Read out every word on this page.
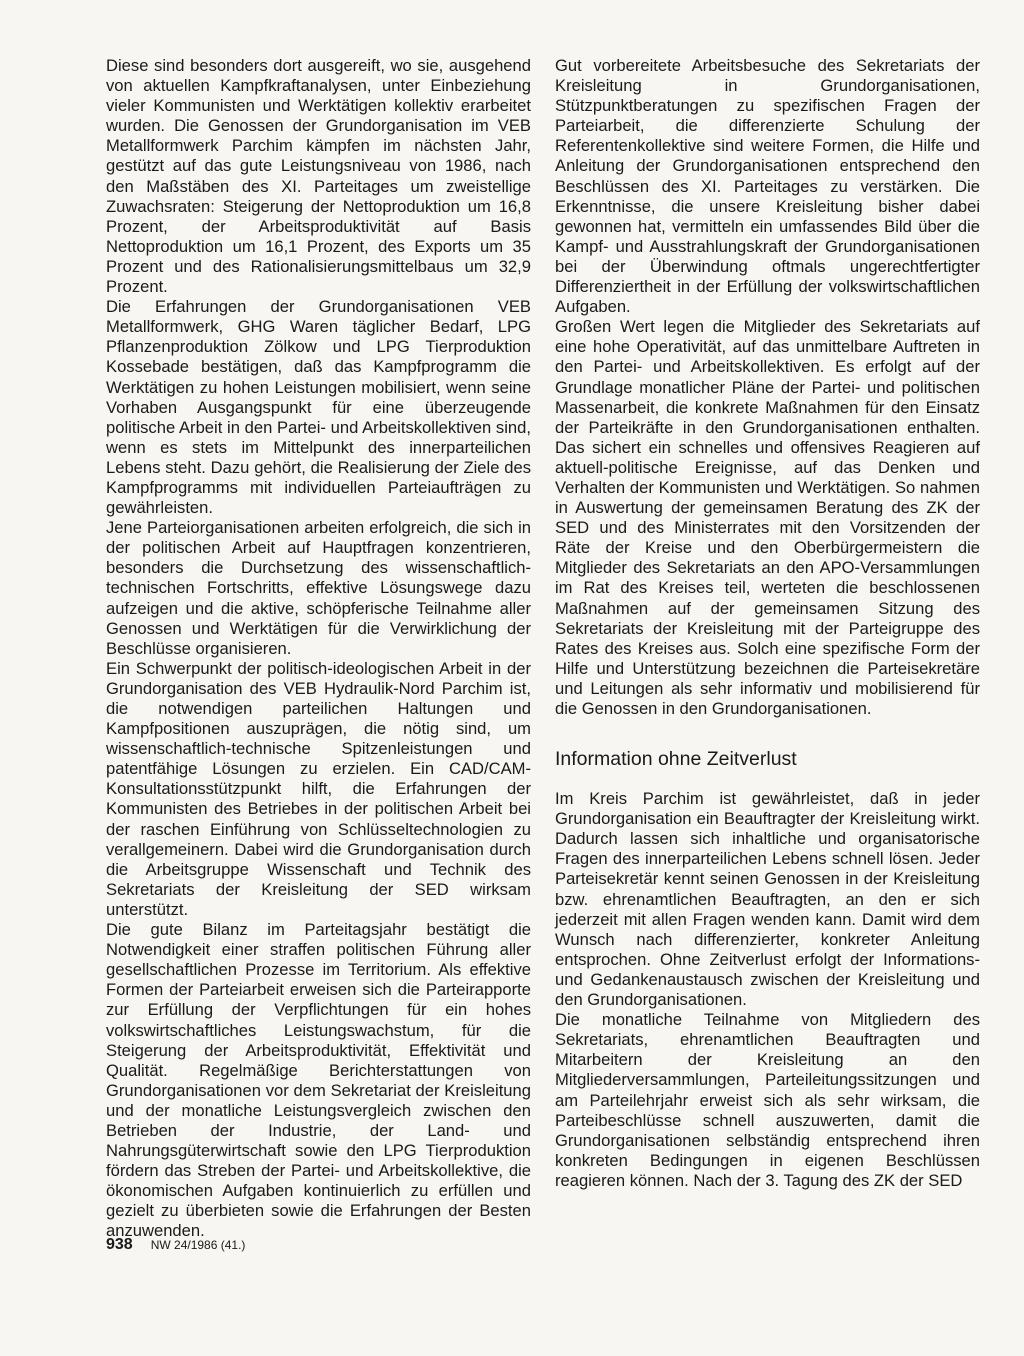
Diese sind besonders dort ausgereift, wo sie, ausgehend von aktuellen Kampfkraftanalysen, unter Einbeziehung vieler Kommunisten und Werktätigen kollektiv erarbeitet wurden. Die Genossen der Grundorganisation im VEB Metallformwerk Parchim kämpfen im nächsten Jahr, gestützt auf das gute Leistungsniveau von 1986, nach den Maßstäben des XI. Parteitages um zweistellige Zuwachsraten: Steigerung der Nettoproduktion um 16,8 Prozent, der Arbeitsproduktivität auf Basis Nettoproduktion um 16,1 Prozent, des Exports um 35 Prozent und des Rationalisierungsmittelbaus um 32,9 Prozent.

Die Erfahrungen der Grundorganisationen VEB Metallformwerk, GHG Waren täglicher Bedarf, LPG Pflanzenproduktion Zölkow und LPG Tierproduktion Kossebade bestätigen, daß das Kampfprogramm die Werktätigen zu hohen Leistungen mobilisiert, wenn seine Vorhaben Ausgangspunkt für eine überzeugende politische Arbeit in den Partei- und Arbeitskollektiven sind, wenn es stets im Mittelpunkt des innerparteilichen Lebens steht. Dazu gehört, die Realisierung der Ziele des Kampfprogramms mit individuellen Parteiaufträgen zu gewährleisten.

Jene Parteiorganisationen arbeiten erfolgreich, die sich in der politischen Arbeit auf Hauptfragen konzentrieren, besonders die Durchsetzung des wissenschaftlich-technischen Fortschritts, effektive Lösungswege dazu aufzeigen und die aktive, schöpferische Teilnahme aller Genossen und Werktätigen für die Verwirklichung der Beschlüsse organisieren.

Ein Schwerpunkt der politisch-ideologischen Arbeit in der Grundorganisation des VEB Hydraulik-Nord Parchim ist, die notwendigen parteilichen Haltungen und Kampfpositionen auszuprägen, die nötig sind, um wissenschaftlich-technische Spitzenleistungen und patentfähige Lösungen zu erzielen. Ein CAD/CAM-Konsultationsstützpunkt hilft, die Erfahrungen der Kommunisten des Betriebes in der politischen Arbeit bei der raschen Einführung von Schlüsseltechnologien zu verallgemeinern. Dabei wird die Grundorganisation durch die Arbeitsgruppe Wissenschaft und Technik des Sekretariats der Kreisleitung der SED wirksam unterstützt.

Die gute Bilanz im Parteitagsjahr bestätigt die Notwendigkeit einer straffen politischen Führung aller gesellschaftlichen Prozesse im Territorium. Als effektive Formen der Parteiarbeit erweisen sich die Parteirapporte zur Erfüllung der Verpflichtungen für ein hohes volkswirtschaftliches Leistungswachstum, für die Steigerung der Arbeitsproduktivität, Effektivität und Qualität. Regelmäßige Berichterstattungen von Grundorganisationen vor dem Sekretariat der Kreisleitung und der monatliche Leistungsvergleich zwischen den Betrieben der Industrie, der Land- und Nahrungsgüterwirtschaft sowie den LPG Tierproduktion fördern das Streben der Partei- und Arbeitskollektive, die ökonomischen Aufgaben kontinuierlich zu erfüllen und gezielt zu überbieten sowie die Erfahrungen der Besten anzuwenden.

Gut vorbereitete Arbeitsbesuche des Sekretariats der Kreisleitung in Grundorganisationen, Stützpunktberatungen zu spezifischen Fragen der Parteiarbeit, die differenzierte Schulung der Referentenkollektive sind weitere Formen, die Hilfe und Anleitung der Grundorganisationen entsprechend den Beschlüssen des XI. Parteitages zu verstärken. Die Erkenntnisse, die unsere Kreisleitung bisher dabei gewonnen hat, vermitteln ein umfassendes Bild über die Kampf- und Ausstrahlungskraft der Grundorganisationen bei der Überwindung oftmals ungerechtfertigter Differenziertheit in der Erfüllung der volkswirtschaftlichen Aufgaben.

Großen Wert legen die Mitglieder des Sekretariats auf eine hohe Operativität, auf das unmittelbare Auftreten in den Partei- und Arbeitskollektiven. Es erfolgt auf der Grundlage monatlicher Pläne der Partei- und politischen Massenarbeit, die konkrete Maßnahmen für den Einsatz der Parteikräfte in den Grundorganisationen enthalten. Das sichert ein schnelles und offensives Reagieren auf aktuell-politische Ereignisse, auf das Denken und Verhalten der Kommunisten und Werktätigen. So nahmen in Auswertung der gemeinsamen Beratung des ZK der SED und des Ministerrates mit den Vorsitzenden der Räte der Kreise und den Oberbürgermeistern die Mitglieder des Sekretariats an den APO-Versammlungen im Rat des Kreises teil, werteten die beschlossenen Maßnahmen auf der gemeinsamen Sitzung des Sekretariats der Kreisleitung mit der Parteigruppe des Rates des Kreises aus. Solch eine spezifische Form der Hilfe und Unterstützung bezeichnen die Parteisekretäre und Leitungen als sehr informativ und mobilisierend für die Genossen in den Grundorganisationen.

Information ohne Zeitverlust

Im Kreis Parchim ist gewährleistet, daß in jeder Grundorganisation ein Beauftragter der Kreisleitung wirkt. Dadurch lassen sich inhaltliche und organisatorische Fragen des innerparteilichen Lebens schnell lösen. Jeder Parteisekretär kennt seinen Genossen in der Kreisleitung bzw. ehrenamtlichen Beauftragten, an den er sich jederzeit mit allen Fragen wenden kann. Damit wird dem Wunsch nach differenzierter, konkreter Anleitung entsprochen. Ohne Zeitverlust erfolgt der Informations- und Gedankenaustausch zwischen der Kreisleitung und den Grundorganisationen.

Die monatliche Teilnahme von Mitgliedern des Sekretariats, ehrenamtlichen Beauftragten und Mitarbeitern der Kreisleitung an den Mitgliederversammlungen, Parteileitungssitzungen und am Parteilehrjahr erweist sich als sehr wirksam, die Parteibeschlüsse schnell auszuwerten, damit die Grundorganisationen selbständig entsprechend ihren konkreten Bedingungen in eigenen Beschlüssen reagieren können. Nach der 3. Tagung des ZK der SED

938 NW 24/1986 (41.)
